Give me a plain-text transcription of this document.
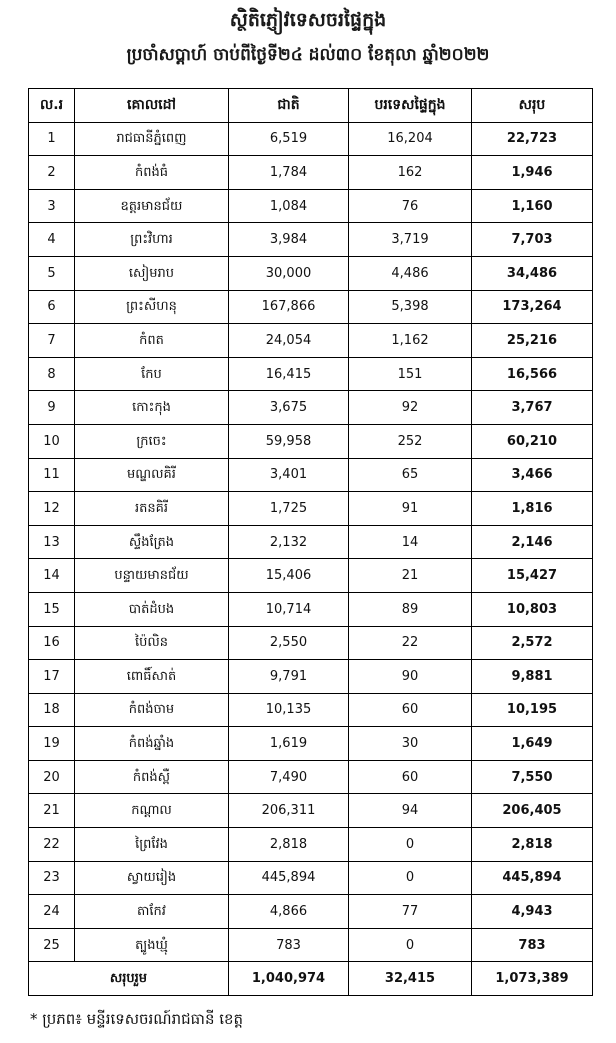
ស្ថិតិភ្ញៀវទេសចរផ្ទៃក្នុង
ប្រចាំសប្តាហ៍ ចាប់ពីថ្ងៃទី២៤ ដល់៣០ ខែតុលា ឆ្នាំ២០២២
ល.រ	គោលដៅ	ជាតិ	បរទេសផ្ទៃក្នុង	សរុប
1	រាជធានីភ្នំពេញ	6,519	16,204	22,723
2	កំពង់ធំ	1,784	162	1,946
3	ឧត្តរមានជ័យ	1,084	76	1,160
4	ព្រះវិហារ	3,984	3,719	7,703
5	សៀមរាប	30,000	4,486	34,486
6	ព្រះសីហនុ	167,866	5,398	173,264
7	កំពត	24,054	1,162	25,216
8	កែប	16,415	151	16,566
9	កោះកុង	3,675	92	3,767
10	ក្រចេះ	59,958	252	60,210
11	មណ្ឌលគិរី	3,401	65	3,466
12	រតនគិរី	1,725	91	1,816
13	ស្ទឹងត្រែង	2,132	14	2,146
14	បន្ទាយមានជ័យ	15,406	21	15,427
15	បាត់ដំបង	10,714	89	10,803
16	ប៉ៃលិន	2,550	22	2,572
17	ពោធិ៍សាត់	9,791	90	9,881
18	កំពង់ចាម	10,135	60	10,195
19	កំពង់ឆ្នាំង	1,619	30	1,649
20	កំពង់ស្ពឺ	7,490	60	7,550
21	កណ្តាល	206,311	94	206,405
22	ព្រៃវែង	2,818	0	2,818
23	ស្វាយរៀង	445,894	0	445,894
24	តាកែវ	4,866	77	4,943
25	ត្បូងឃ្មុំ	783	0	783
សរុបរួម		1,040,974	32,415	1,073,389
* ប្រភព៖ មន្ទីរទេសចរណ៍រាជធានី ខេត្ត
